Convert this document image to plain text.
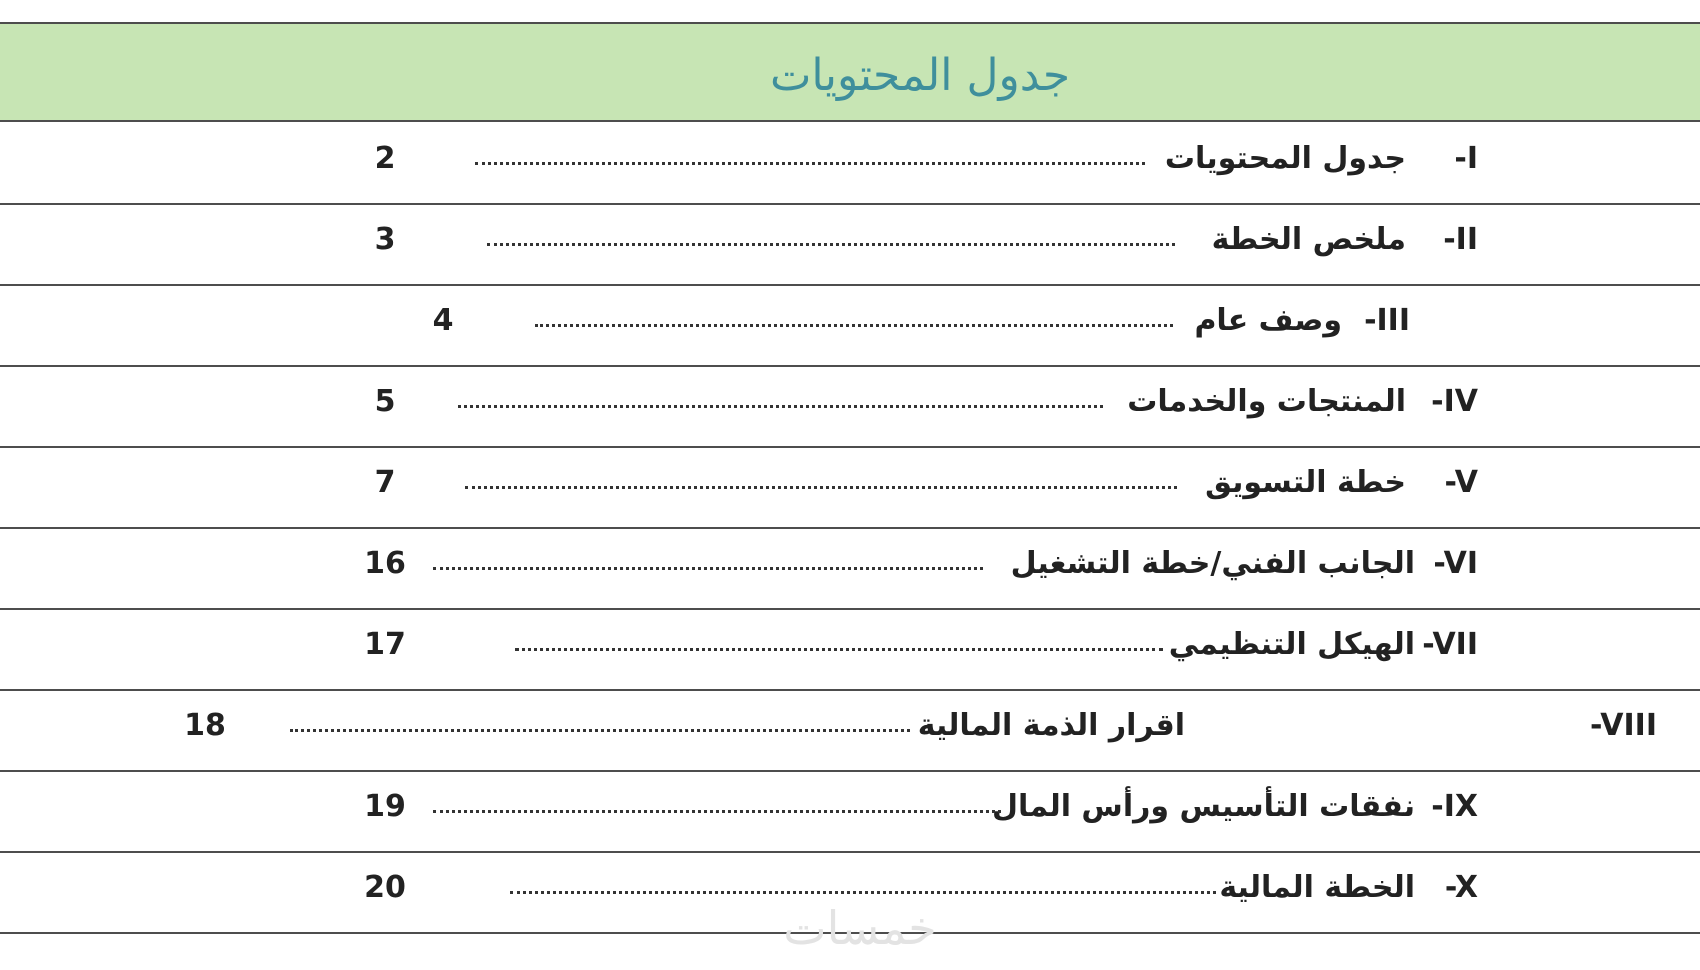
جدول المحتويات
-I
جدول المحتويات
2
-II
ملخص الخطة
3
-III
وصف عام
4
-IV
المنتجات والخدمات
5
-V
خطة التسويق
7
-VI
الجانب الفني/خطة التشغيل
16
-VII
الهيكل التنظيمي
17
-VIII
اقرار الذمة المالية
18
-IX
نفقات التأسيس ورأس المال
19
-X
الخطة المالية
20
خمسات
